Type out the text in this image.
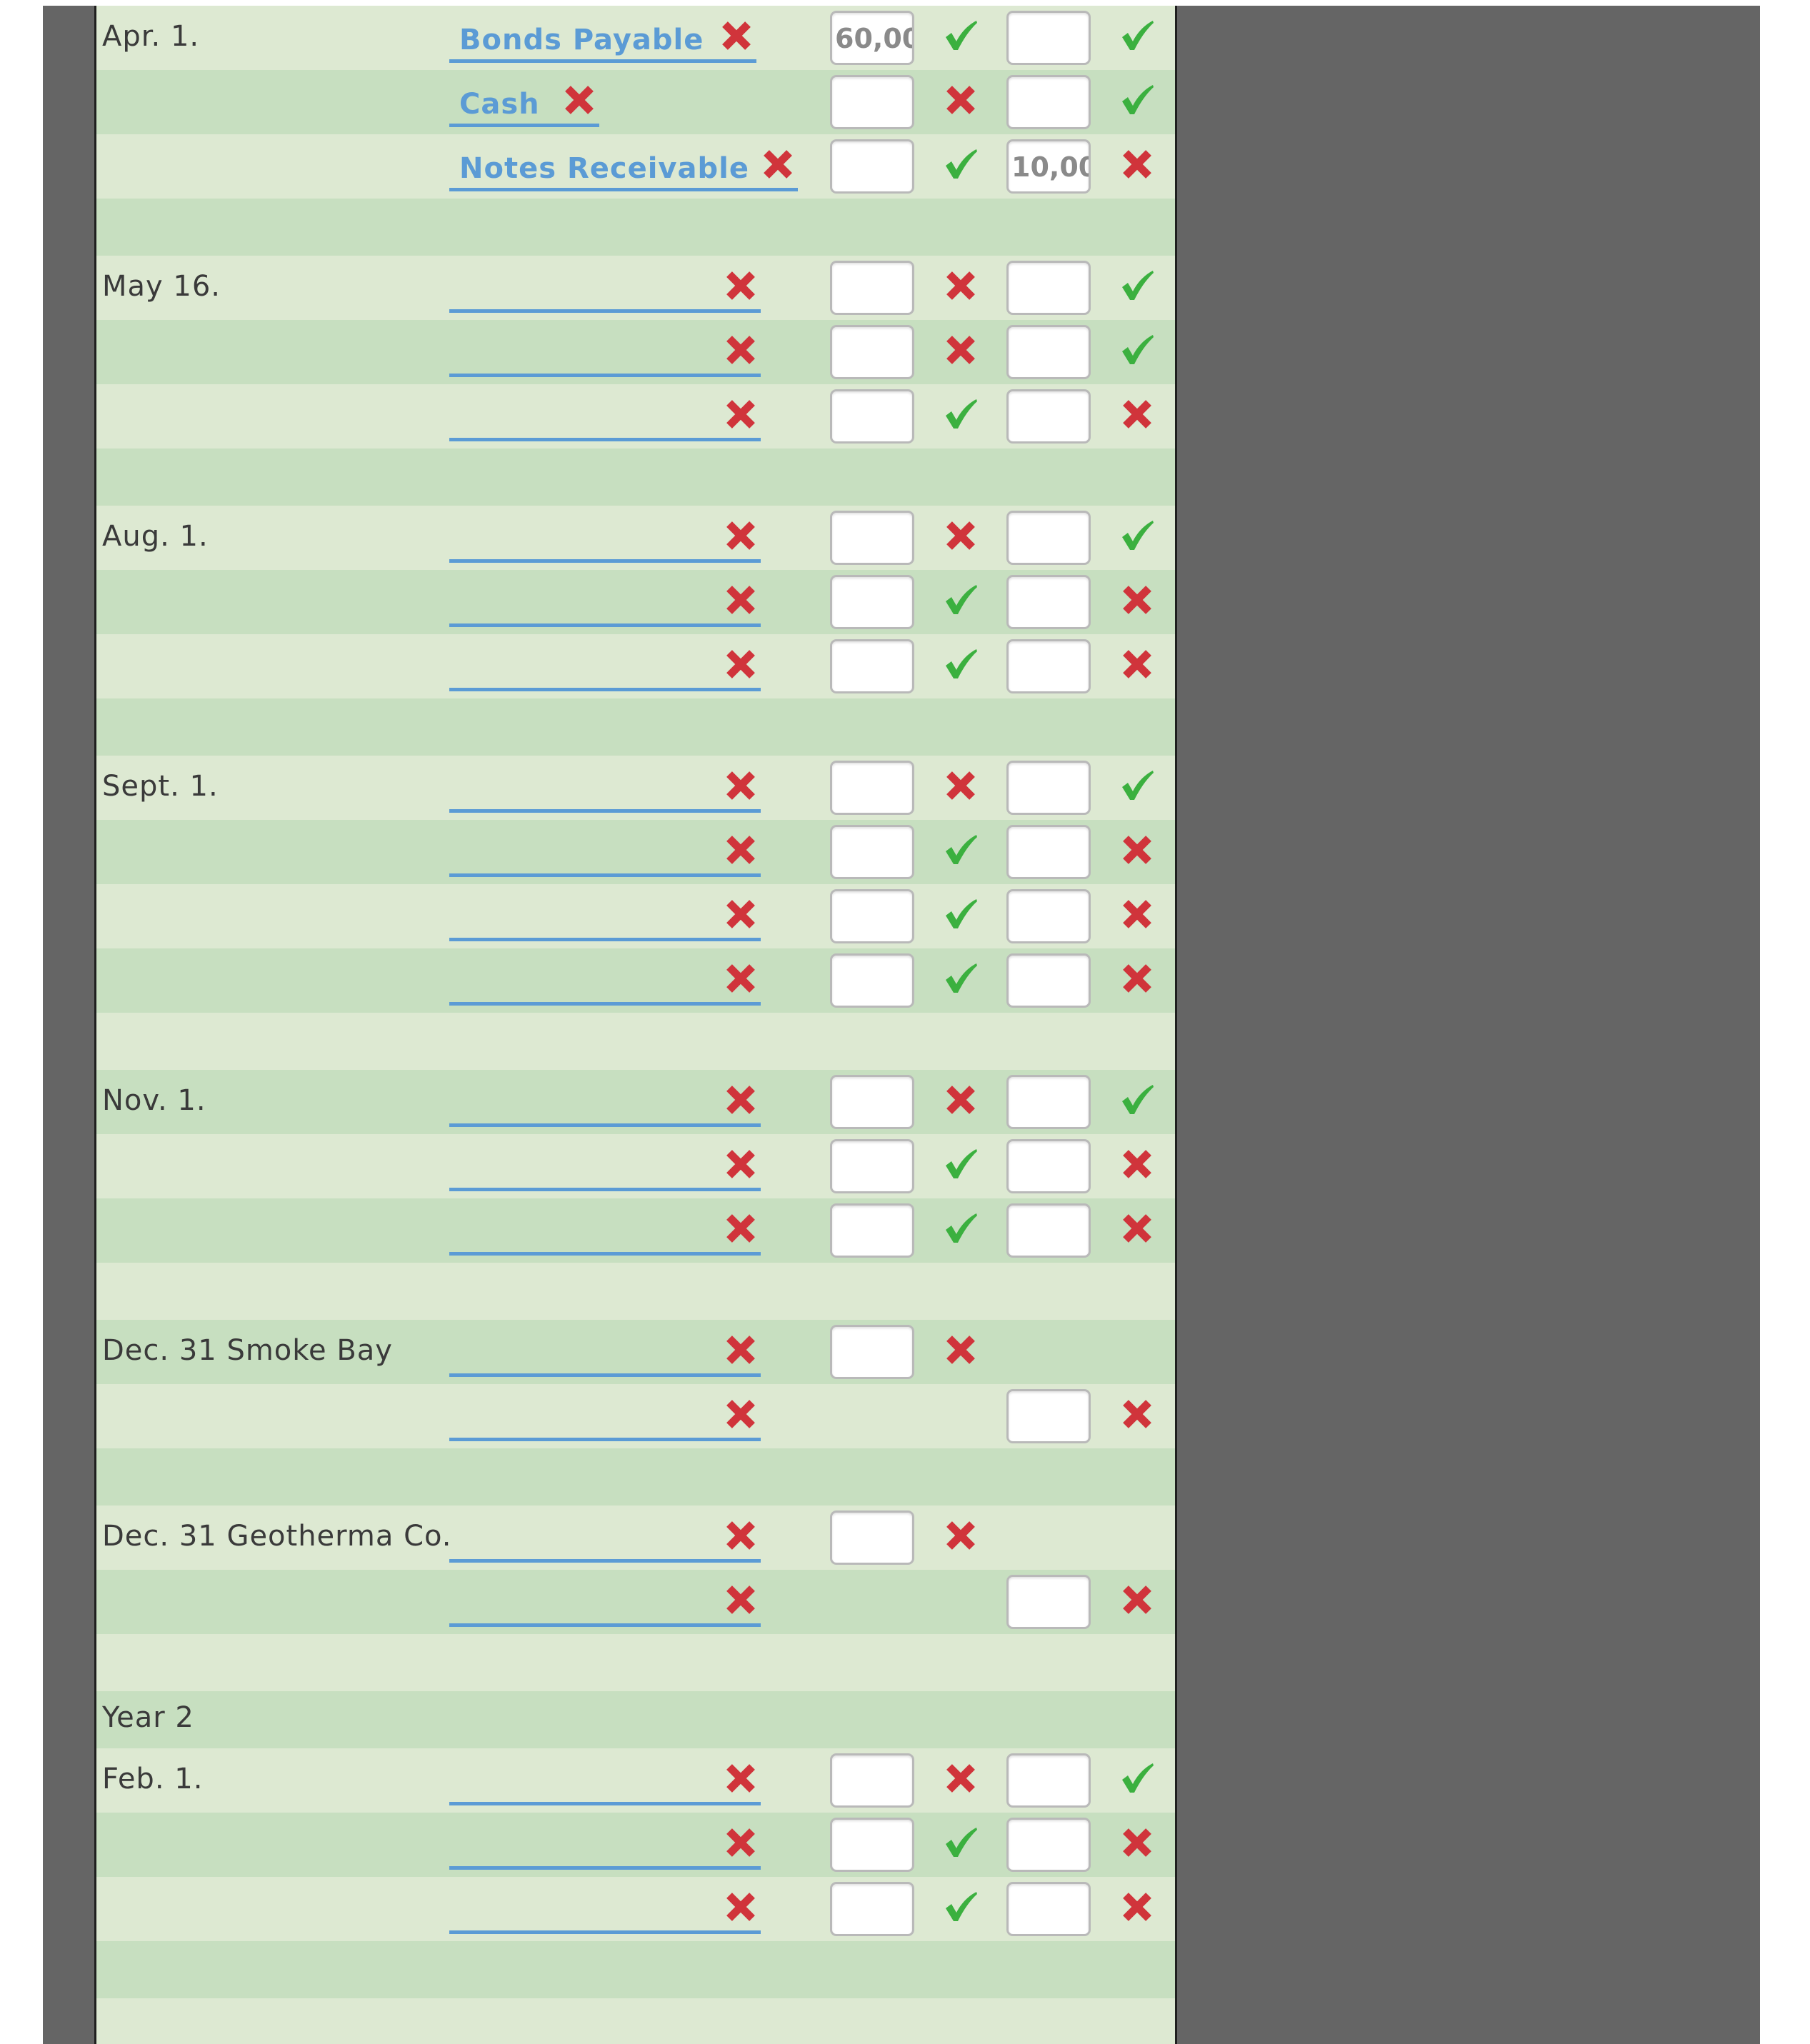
Apr. 1.	Bonds Payable
60,000
Cash
Notes Receivable
10,000
May 16.
Aug. 1.
Sept. 1.
Nov. 1.
Dec. 31 Smoke Bay
Dec. 31 Geotherma Co.
Year 2
Feb. 1.
